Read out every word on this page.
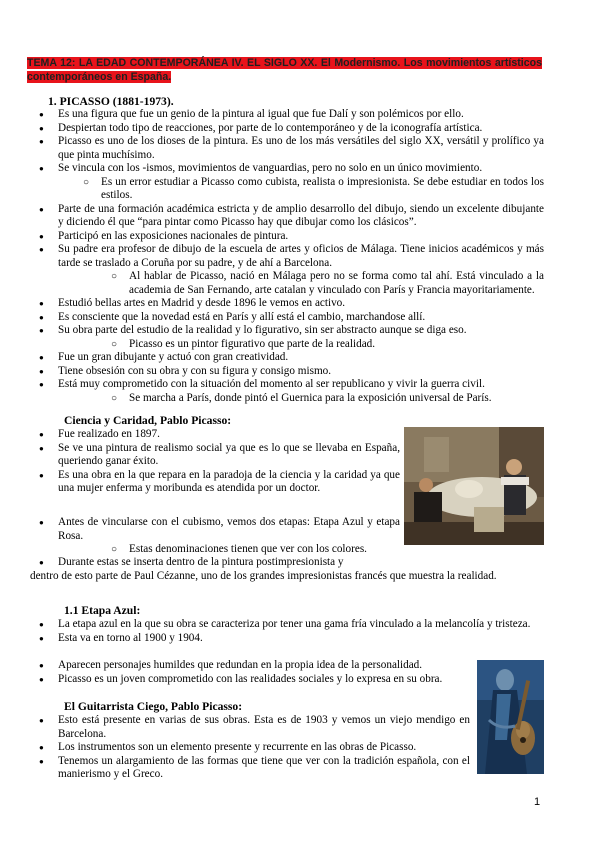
TEMA 12: LA EDAD CONTEMPORÁNEA IV. EL SIGLO XX. El Modernismo. Los movimientos artísticos contemporáneos en España.
1. PICASSO (1881-1973).
● Es una figura que fue un genio de la pintura al igual que fue Dalí y son polémicos por ello.
● Despiertan todo tipo de reacciones, por parte de lo contemporáneo y de la iconografía artística.
● Picasso es uno de los dioses de la pintura. Es uno de los más versátiles del siglo XX, versátil y prolífico ya que pinta muchísimo.
● Se vincula con los -ismos, movimientos de vanguardias, pero no solo en un único movimiento.
○ Es un error estudiar a Picasso como cubista, realista o impresionista. Se debe estudiar en todos los estilos.
● Parte de una formación académica estricta y de amplio desarrollo del dibujo, siendo un excelente dibujante y diciendo él que “para pintar como Picasso hay que dibujar como los clásicos”.
● Participó en las exposiciones nacionales de pintura.
● Su padre era profesor de dibujo de la escuela de artes y oficios de Málaga. Tiene inicios académicos y más tarde se traslado a Coruña por su padre, y de ahí a Barcelona.
○ Al hablar de Picasso, nació en Málaga pero no se forma como tal ahí. Está vinculado a la academia de San Fernando, arte catalan y vinculado con París y Francia mayoritariamente.
● Estudió bellas artes en Madrid y desde 1896 le vemos en activo.
● Es consciente que la novedad está en París y allí está el cambio, marchandose allí.
● Su obra parte del estudio de la realidad y lo figurativo, sin ser abstracto aunque se diga eso.
○ Picasso es un pintor figurativo que parte de la realidad.
● Fue un gran dibujante y actuó con gran creatividad.
● Tiene obsesión con su obra y con su figura y consigo mismo.
● Está muy comprometido con la situación del momento al ser republicano y vivir la guerra civil.
○ Se marcha a París, donde pintó el Guernica para la exposición universal de París.
Ciencia y Caridad, Pablo Picasso:
● Fue realizado en 1897.
● Se ve una pintura de realismo social ya que es lo que se llevaba en España, queriendo ganar éxito.
● Es una obra en la que repara en la paradoja de la ciencia y la caridad ya que una mujer enferma y moribunda es atendida por un doctor.
● Antes de vincularse con el cubismo, vemos dos etapas: Etapa Azul y etapa Rosa.
○ Estas denominaciones tienen que ver con los colores.
● Durante estas se inserta dentro de la pintura postimpresionista y
dentro de esto parte de Paul Cézanne, uno de los grandes impresionistas francés que muestra la realidad.
1.1 Etapa Azul:
● La etapa azul en la que su obra se caracteriza por tener una gama fría vinculado a la melancolía y tristeza.
● Esta va en torno al 1900 y 1904.
● Aparecen personajes humildes que redundan en la propia idea de la personalidad.
● Picasso es un joven comprometido con las realidades sociales y lo expresa en su obra.
El Guitarrista Ciego, Pablo Picasso:
● Esto está presente en varias de sus obras. Esta es de 1903 y vemos un viejo mendigo en Barcelona.
● Los instrumentos son un elemento presente y recurrente en las obras de Picasso.
● Tenemos un alargamiento de las formas que tiene que ver con la tradición española, con el manierismo y el Greco.
1
